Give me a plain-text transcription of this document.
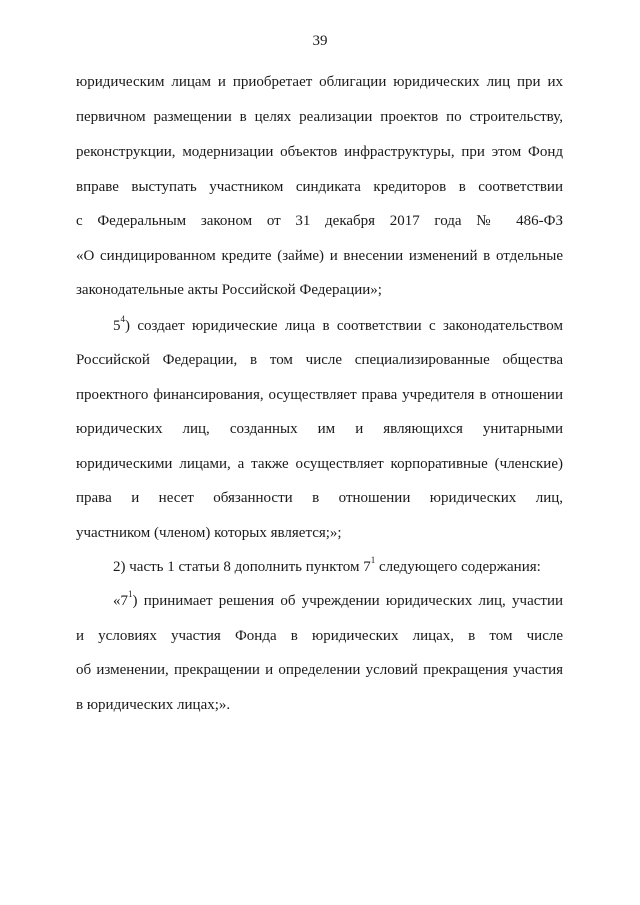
39
юридическим лицам и приобретает облигации юридических лиц при их
первичном размещении в целях реализации проектов по строительству,
реконструкции, модернизации объектов инфраструктуры, при этом Фонд
вправе выступать участником синдиката кредиторов в соответствии
с Федеральным законом от 31 декабря 2017 года № 486-ФЗ
«О синдицированном кредите (займе) и внесении изменений в отдельные
законодательные акты Российской Федерации»;
$5^4$) создает юридические лица в соответствии с законодательством
Российской Федерации, в том числе специализированные общества
проектного финансирования, осуществляет права учредителя в отношении
юридических лиц, созданных им и являющихся унитарными
юридическими лицами, а также осуществляет корпоративные (членские)
права и несет обязанности в отношении юридических лиц,
участником (членом) которых является;»;
2) часть 1 статьи 8 дополнить пунктом $7^1$ следующего содержания:
«$7^1$) принимает решения об учреждении юридических лиц, участии
и условиях участия Фонда в юридических лицах, в том числе
об изменении, прекращении и определении условий прекращения участия
в юридических лицах;».
